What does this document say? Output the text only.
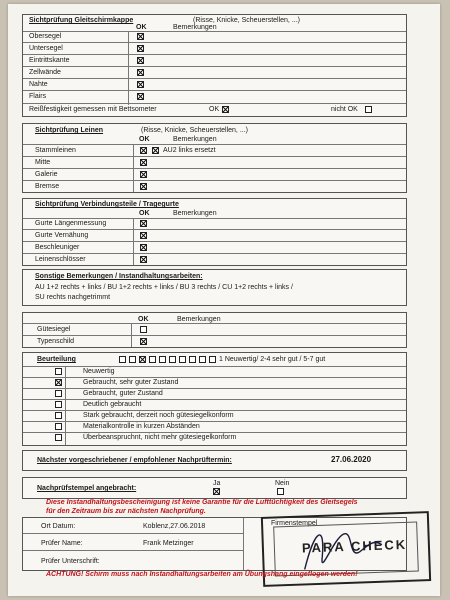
Sichtprüfung Gleitschirmkappe	(Risse, Knicke, Scheuerstellen, ...)
OK	Bemerkungen
Obersegel
Untersegel
Eintrittskante
Zellwände
Nahte
Flairs
Reißfestigkeit gemessen mit Bettsometer	OK	nicht OK
Sichtprüfung Leinen	(Risse, Knicke, Scheuerstellen, ...)
OK	Bemerkungen
Stammleinen	AU2 links ersetzt
Mitte
Galerie
Bremse
Sichtprüfung Verbindungsteile / Tragegurte
OK	Bemerkungen
Gurte Längenmessung
Gurte Vernähung
Beschleuniger
Leinenschlösser
Sonstige Bemerkungen / Instandhaltungsarbeiten:
AU 1+2 rechts + links / BU 1+2 rechts + links / BU 3 rechts / CU 1+2 rechts + links /
SU rechts nachgetrimmt
OK	Bemerkungen
Gütesiegel
Typenschild
Beurteilung	1 Neuwertig/ 2-4 sehr gut / 5-7 gut
Neuwertig
Gebraucht, sehr guter Zustand
Gebraucht, guter Zustand
Deutlich gebraucht
Stark gebraucht, derzeit noch gütesiegelkonform
Materialkontrolle in kurzen Abständen
Überbeanspruchnt, nicht mehr gütesiegelkonform
Nächster vorgeschriebener / empfohlener Nachprüftermin:	27.06.2020
Nachprüfstempel angebracht:
Ja	Nein
Diese Instandhaltungsbescheinigung ist keine Garantie für die Lufttüchtigkeit des Gleitsegels
für den Zeitraum bis zur nächsten Nachprüfung.
Ort Datum:	Koblenz,27.06.2018	Firmenstempel
Prüfer Name:	Frank Metzinger
Prüfer Unterschrift:
PARA CHECK
ACHTUNG! Schirm muss nach Instandhaltungsarbeiten am Übungshang eingeflogen werden!
